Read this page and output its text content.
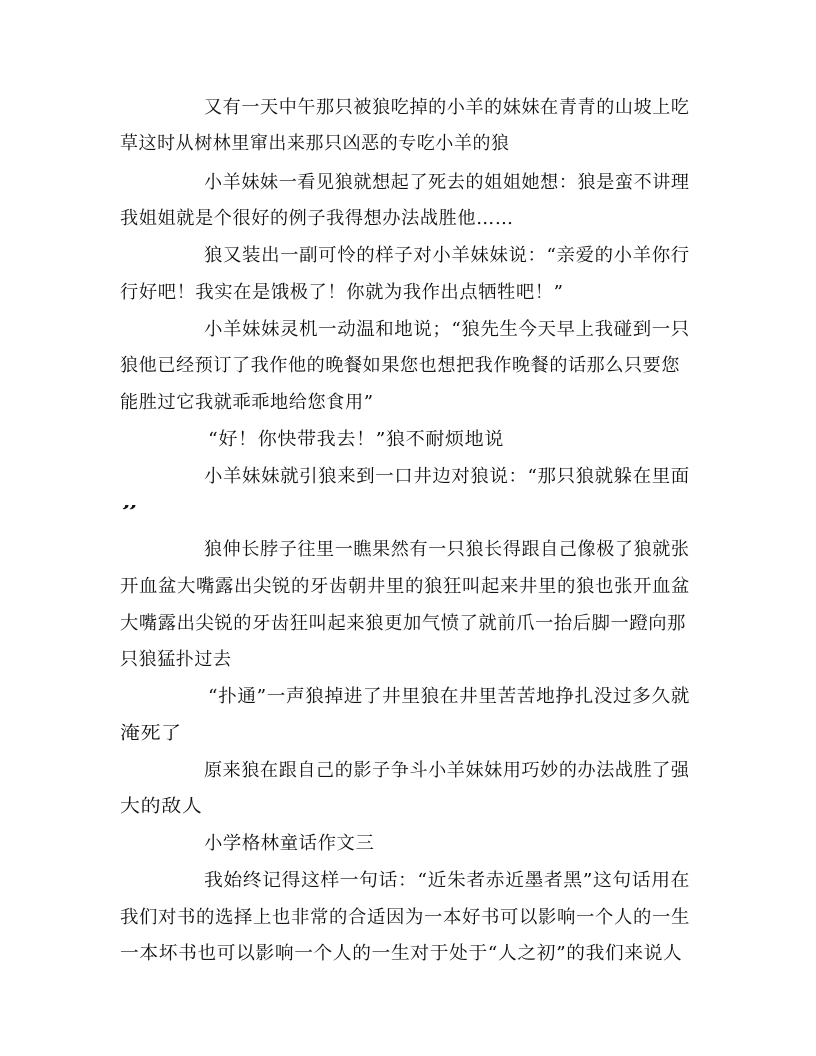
又有一天中午那只被狼吃掉的小羊的妹妹在青青的山坡上吃
草这时从树林里窜出来那只凶恶的专吃小羊的狼
小羊妹妹一看见狼就想起了死去的姐姐她想：狼是蛮不讲理
我姐姐就是个很好的例子我得想办法战胜他……
狼又装出一副可怜的样子对小羊妹妹说：“亲爱的小羊你行
行好吧！我实在是饿极了！你就为我作出点牺牲吧！”
小羊妹妹灵机一动温和地说；“狼先生今天早上我碰到一只
狼他已经预订了我作他的晚餐如果您也想把我作晚餐的话那么只要您
能胜过它我就乖乖地给您食用”
“好！你快带我去！”狼不耐烦地说
小羊妹妹就引狼来到一口井边对狼说：“那只狼就躲在里面
”
狼伸长脖子往里一瞧果然有一只狼长得跟自己像极了狼就张
开血盆大嘴露出尖锐的牙齿朝井里的狼狂叫起来井里的狼也张开血盆
大嘴露出尖锐的牙齿狂叫起来狼更加气愤了就前爪一抬后脚一蹬向那
只狼猛扑过去
“扑通”一声狼掉进了井里狼在井里苦苦地挣扎没过多久就
淹死了
原来狼在跟自己的影子争斗小羊妹妹用巧妙的办法战胜了强
大的敌人
小学格林童话作文三
我始终记得这样一句话：“近朱者赤近墨者黑”这句话用在
我们对书的选择上也非常的合适因为一本好书可以影响一个人的一生
一本坏书也可以影响一个人的一生对于处于“人之初”的我们来说人
